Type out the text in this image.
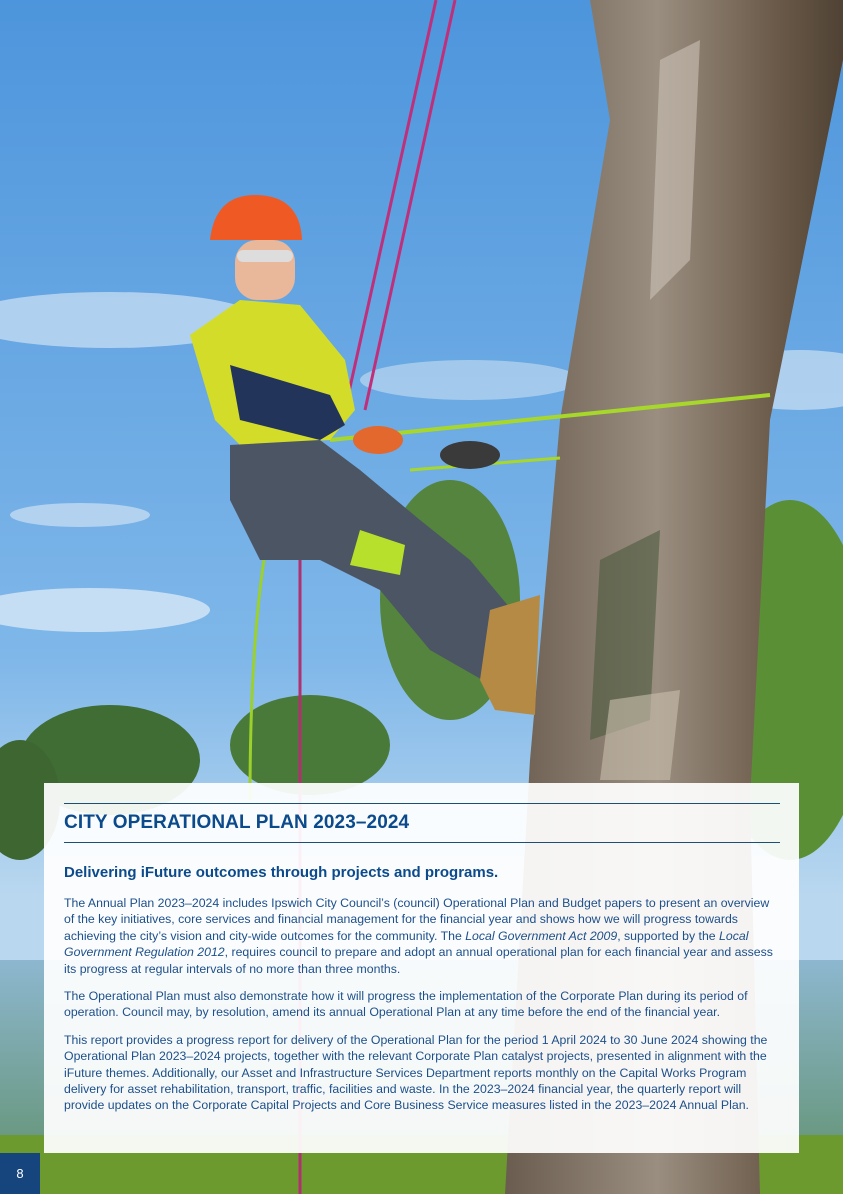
CITY OPERATIONAL PLAN 2023–2024
Delivering iFuture outcomes through projects and programs.

The Annual Plan 2023–2024 includes Ipswich City Council’s (council) Operational Plan and Budget papers to present an overview of the key initiatives, core services and financial management for the financial year and shows how we will progress towards achieving the city’s vision and city-wide outcomes for the community. The Local Government Act 2009, supported by the Local Government Regulation 2012, requires council to prepare and adopt an annual operational plan for each financial year and assess its progress at regular intervals of no more than three months.

The Operational Plan must also demonstrate how it will progress the implementation of the Corporate Plan during its period of operation. Council may, by resolution, amend its annual Operational Plan at any time before the end of the financial year.

This report provides a progress report for delivery of the Operational Plan for the period 1 April 2024 to 30 June 2024 showing the Operational Plan 2023–2024 projects, together with the relevant Corporate Plan catalyst projects, presented in alignment with the iFuture themes. Additionally, our Asset and Infrastructure Services Department reports monthly on the Capital Works Program delivery for asset rehabilitation, transport, traffic, facilities and waste. In the 2023–2024 financial year, the quarterly report will provide updates on the Corporate Capital Projects and Core Business Service measures listed in the 2023–2024 Annual Plan.

8
